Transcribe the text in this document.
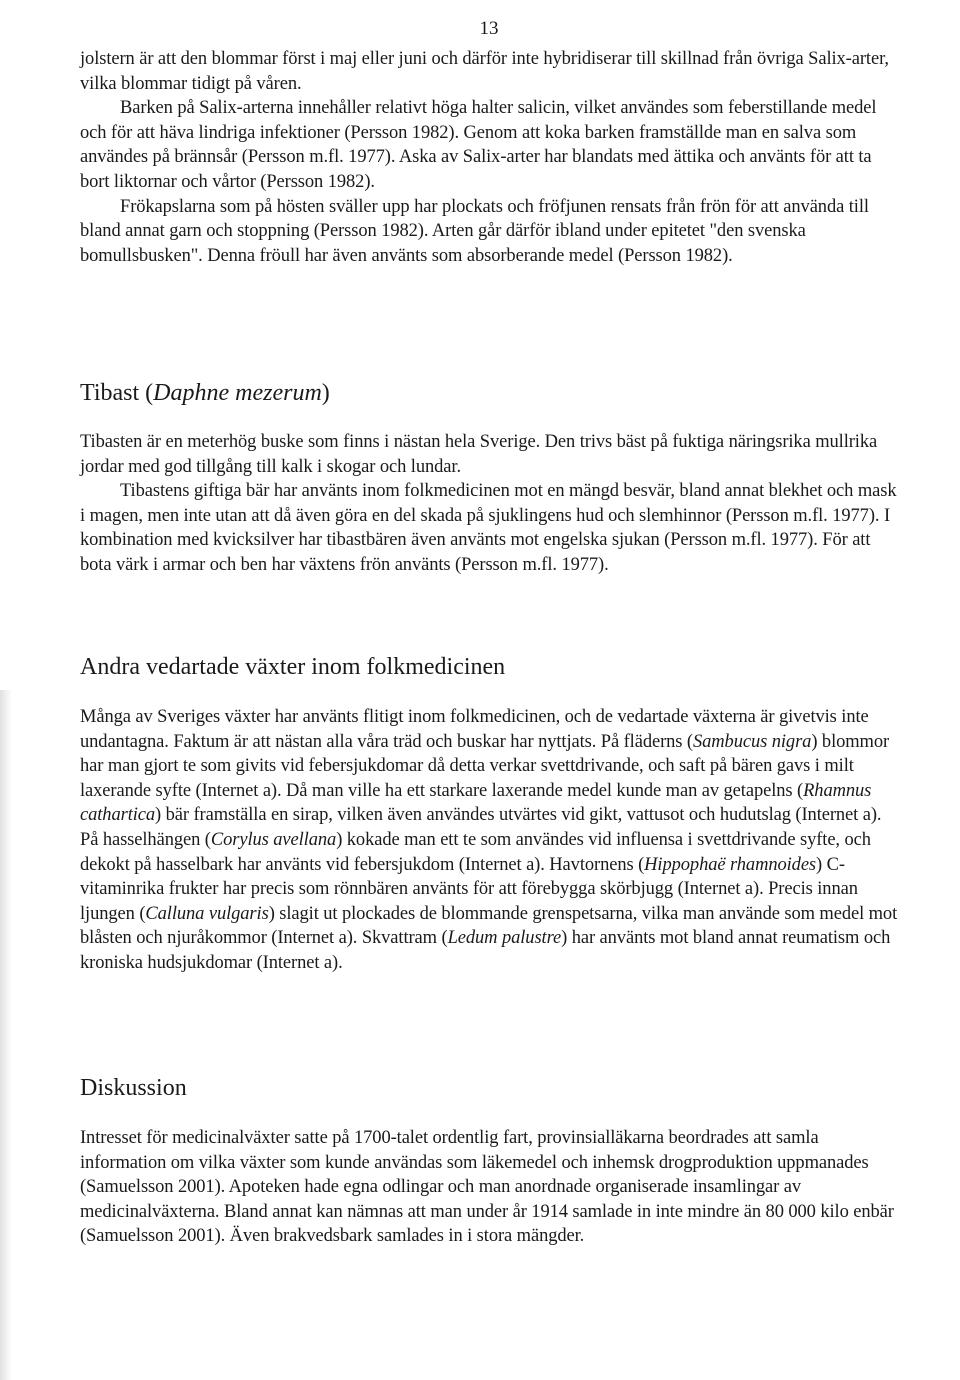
13

jolstern är att den blommar först i maj eller juni och därför inte hybridiserar till skillnad från övriga Salix-arter, vilka blommar tidigt på våren.

Barken på Salix-arterna innehåller relativt höga halter salicin, vilket användes som feberstillande medel och för att häva lindriga infektioner (Persson 1982). Genom att koka barken framställde man en salva som användes på brännsår (Persson m.fl. 1977). Aska av Salix-arter har blandats med ättika och använts för att ta bort liktornar och vårtor (Persson 1982).

Frökapslarna som på hösten sväller upp har plockats och fröfjunen rensats från frön för att använda till bland annat garn och stoppning (Persson 1982). Arten går därför ibland under epitetet "den svenska bomullsbusken". Denna fröull har även använts som absorberande medel (Persson 1982).

Tibast (Daphne mezerum)

Tibasten är en meterhög buske som finns i nästan hela Sverige. Den trivs bäst på fuktiga näringsrika mullrika jordar med god tillgång till kalk i skogar och lundar.

Tibastens giftiga bär har använts inom folkmedicinen mot en mängd besvär, bland annat blekhet och mask i magen, men inte utan att då även göra en del skada på sjuklingens hud och slemhinnor (Persson m.fl. 1977). I kombination med kvicksilver har tibastbären även använts mot engelska sjukan (Persson m.fl. 1977). För att bota värk i armar och ben har växtens frön använts (Persson m.fl. 1977).

Andra vedartade växter inom folkmedicinen

Många av Sveriges växter har använts flitigt inom folkmedicinen, och de vedartade växterna är givetvis inte undantagna. Faktum är att nästan alla våra träd och buskar har nyttjats. På fläderns (Sambucus nigra) blommor har man gjort te som givits vid febersjukdomar då detta verkar svettdrivande, och saft på bären gavs i milt laxerande syfte (Internet a). Då man ville ha ett starkare laxerande medel kunde man av getapelns (Rhamnus cathartica) bär framställa en sirap, vilken även användes utvärtes vid gikt, vattusot och hudutslag (Internet a). På hasselhängen (Corylus avellana) kokade man ett te som användes vid influensa i svettdrivande syfte, och dekokt på hasselbark har använts vid febersjukdom (Internet a). Havtornens (Hippophaë rhamnoides) C-vitaminrika frukter har precis som rönnbären använts för att förebygga skörbjugg (Internet a). Precis innan ljungen (Calluna vulgaris) slagit ut plockades de blommande grenspetsarna, vilka man använde som medel mot blåsten och njuråkommor (Internet a). Skvattram (Ledum palustre) har använts mot bland annat reumatism och kroniska hudsjukdomar (Internet a).

Diskussion

Intresset för medicinalväxter satte på 1700-talet ordentlig fart, provinsialläkarna beordrades att samla information om vilka växter som kunde användas som läkemedel och inhemsk drogproduktion uppmanades (Samuelsson 2001). Apoteken hade egna odlingar och man anordnade organiserade insamlingar av medicinalväxterna. Bland annat kan nämnas att man under år 1914 samlade in inte mindre än 80 000 kilo enbär (Samuelsson 2001). Även brakvedsbark samlades in i stora mängder.
